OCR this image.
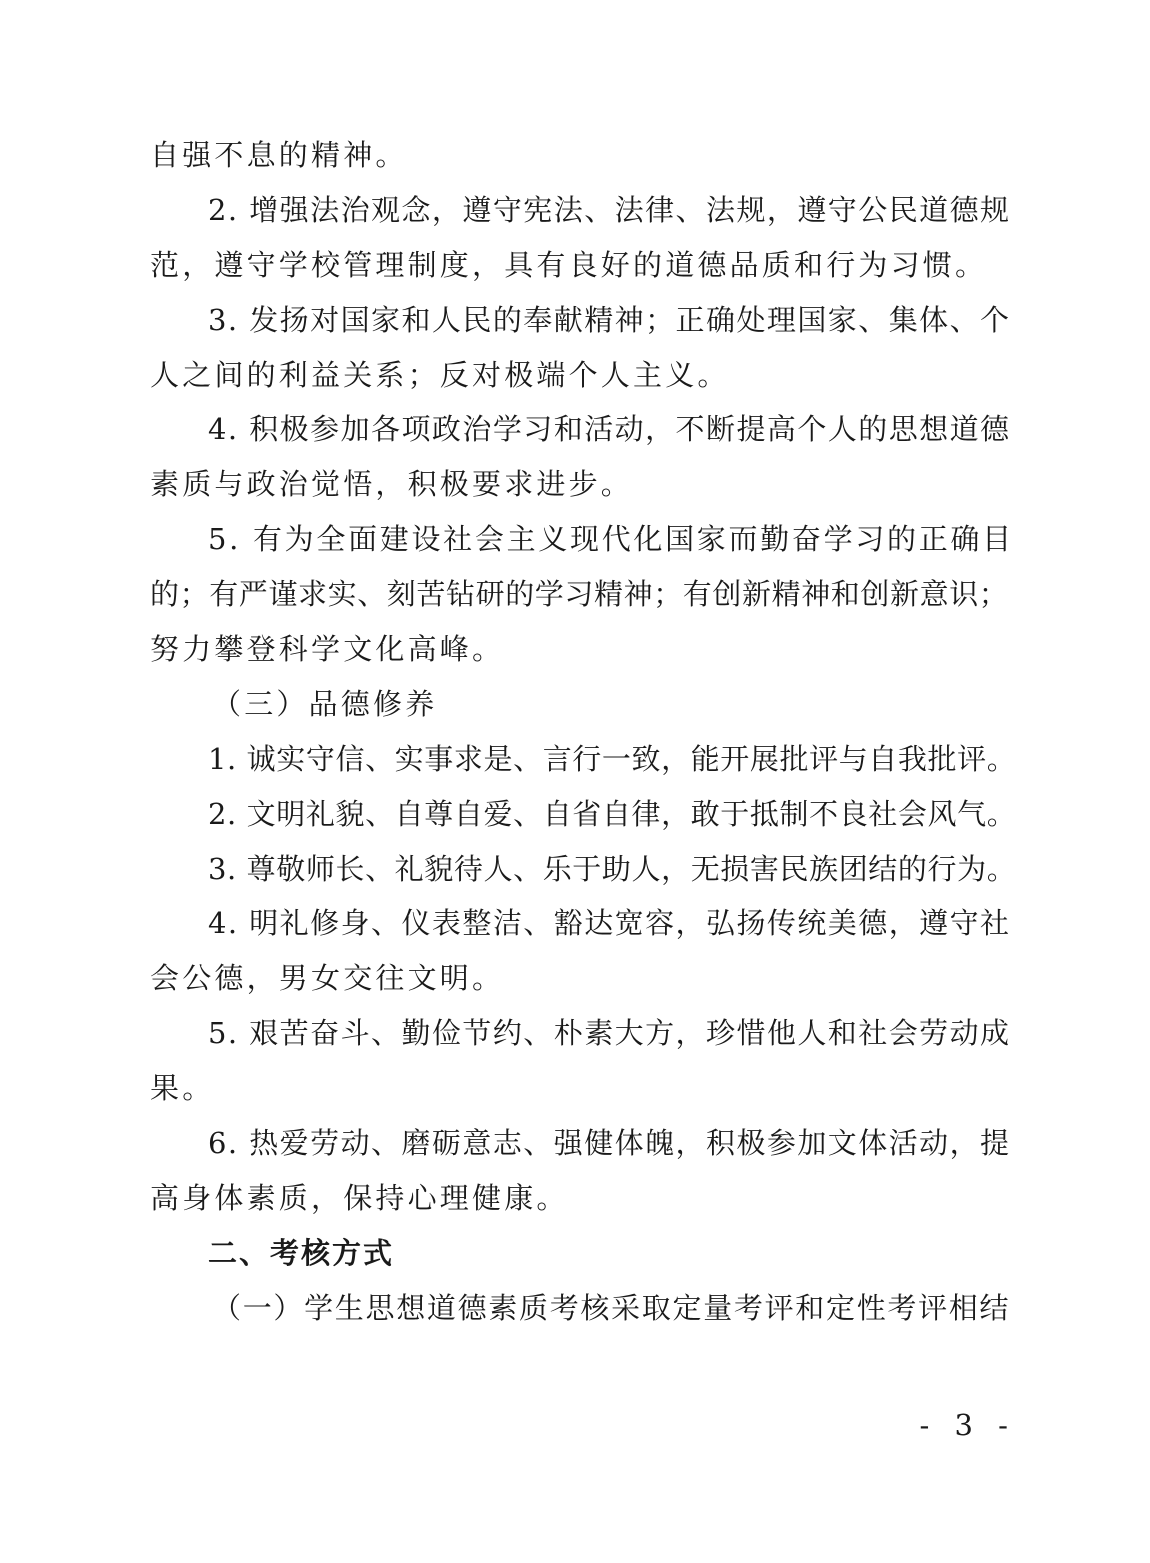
自强不息的精神。
2. 增强法治观念，遵守宪法、法律、法规，遵守公民道德规
范，遵守学校管理制度，具有良好的道德品质和行为习惯。
3. 发扬对国家和人民的奉献精神；正确处理国家、集体、个
人之间的利益关系；反对极端个人主义。
4. 积极参加各项政治学习和活动，不断提高个人的思想道德
素质与政治觉悟，积极要求进步。
5. 有为全面建设社会主义现代化国家而勤奋学习的正确目
的；有严谨求实、刻苦钻研的学习精神；有创新精神和创新意识；
努力攀登科学文化高峰。
（三）品德修养
1. 诚实守信、实事求是、言行一致，能开展批评与自我批评。
2. 文明礼貌、自尊自爱、自省自律，敢于抵制不良社会风气。
3. 尊敬师长、礼貌待人、乐于助人，无损害民族团结的行为。
4. 明礼修身、仪表整洁、豁达宽容，弘扬传统美德，遵守社
会公德，男女交往文明。
5. 艰苦奋斗、勤俭节约、朴素大方，珍惜他人和社会劳动成
果。
6. 热爱劳动、磨砺意志、强健体魄，积极参加文体活动，提
高身体素质，保持心理健康。
二、考核方式
（一）学生思想道德素质考核采取定量考评和定性考评相结
- 3 -
